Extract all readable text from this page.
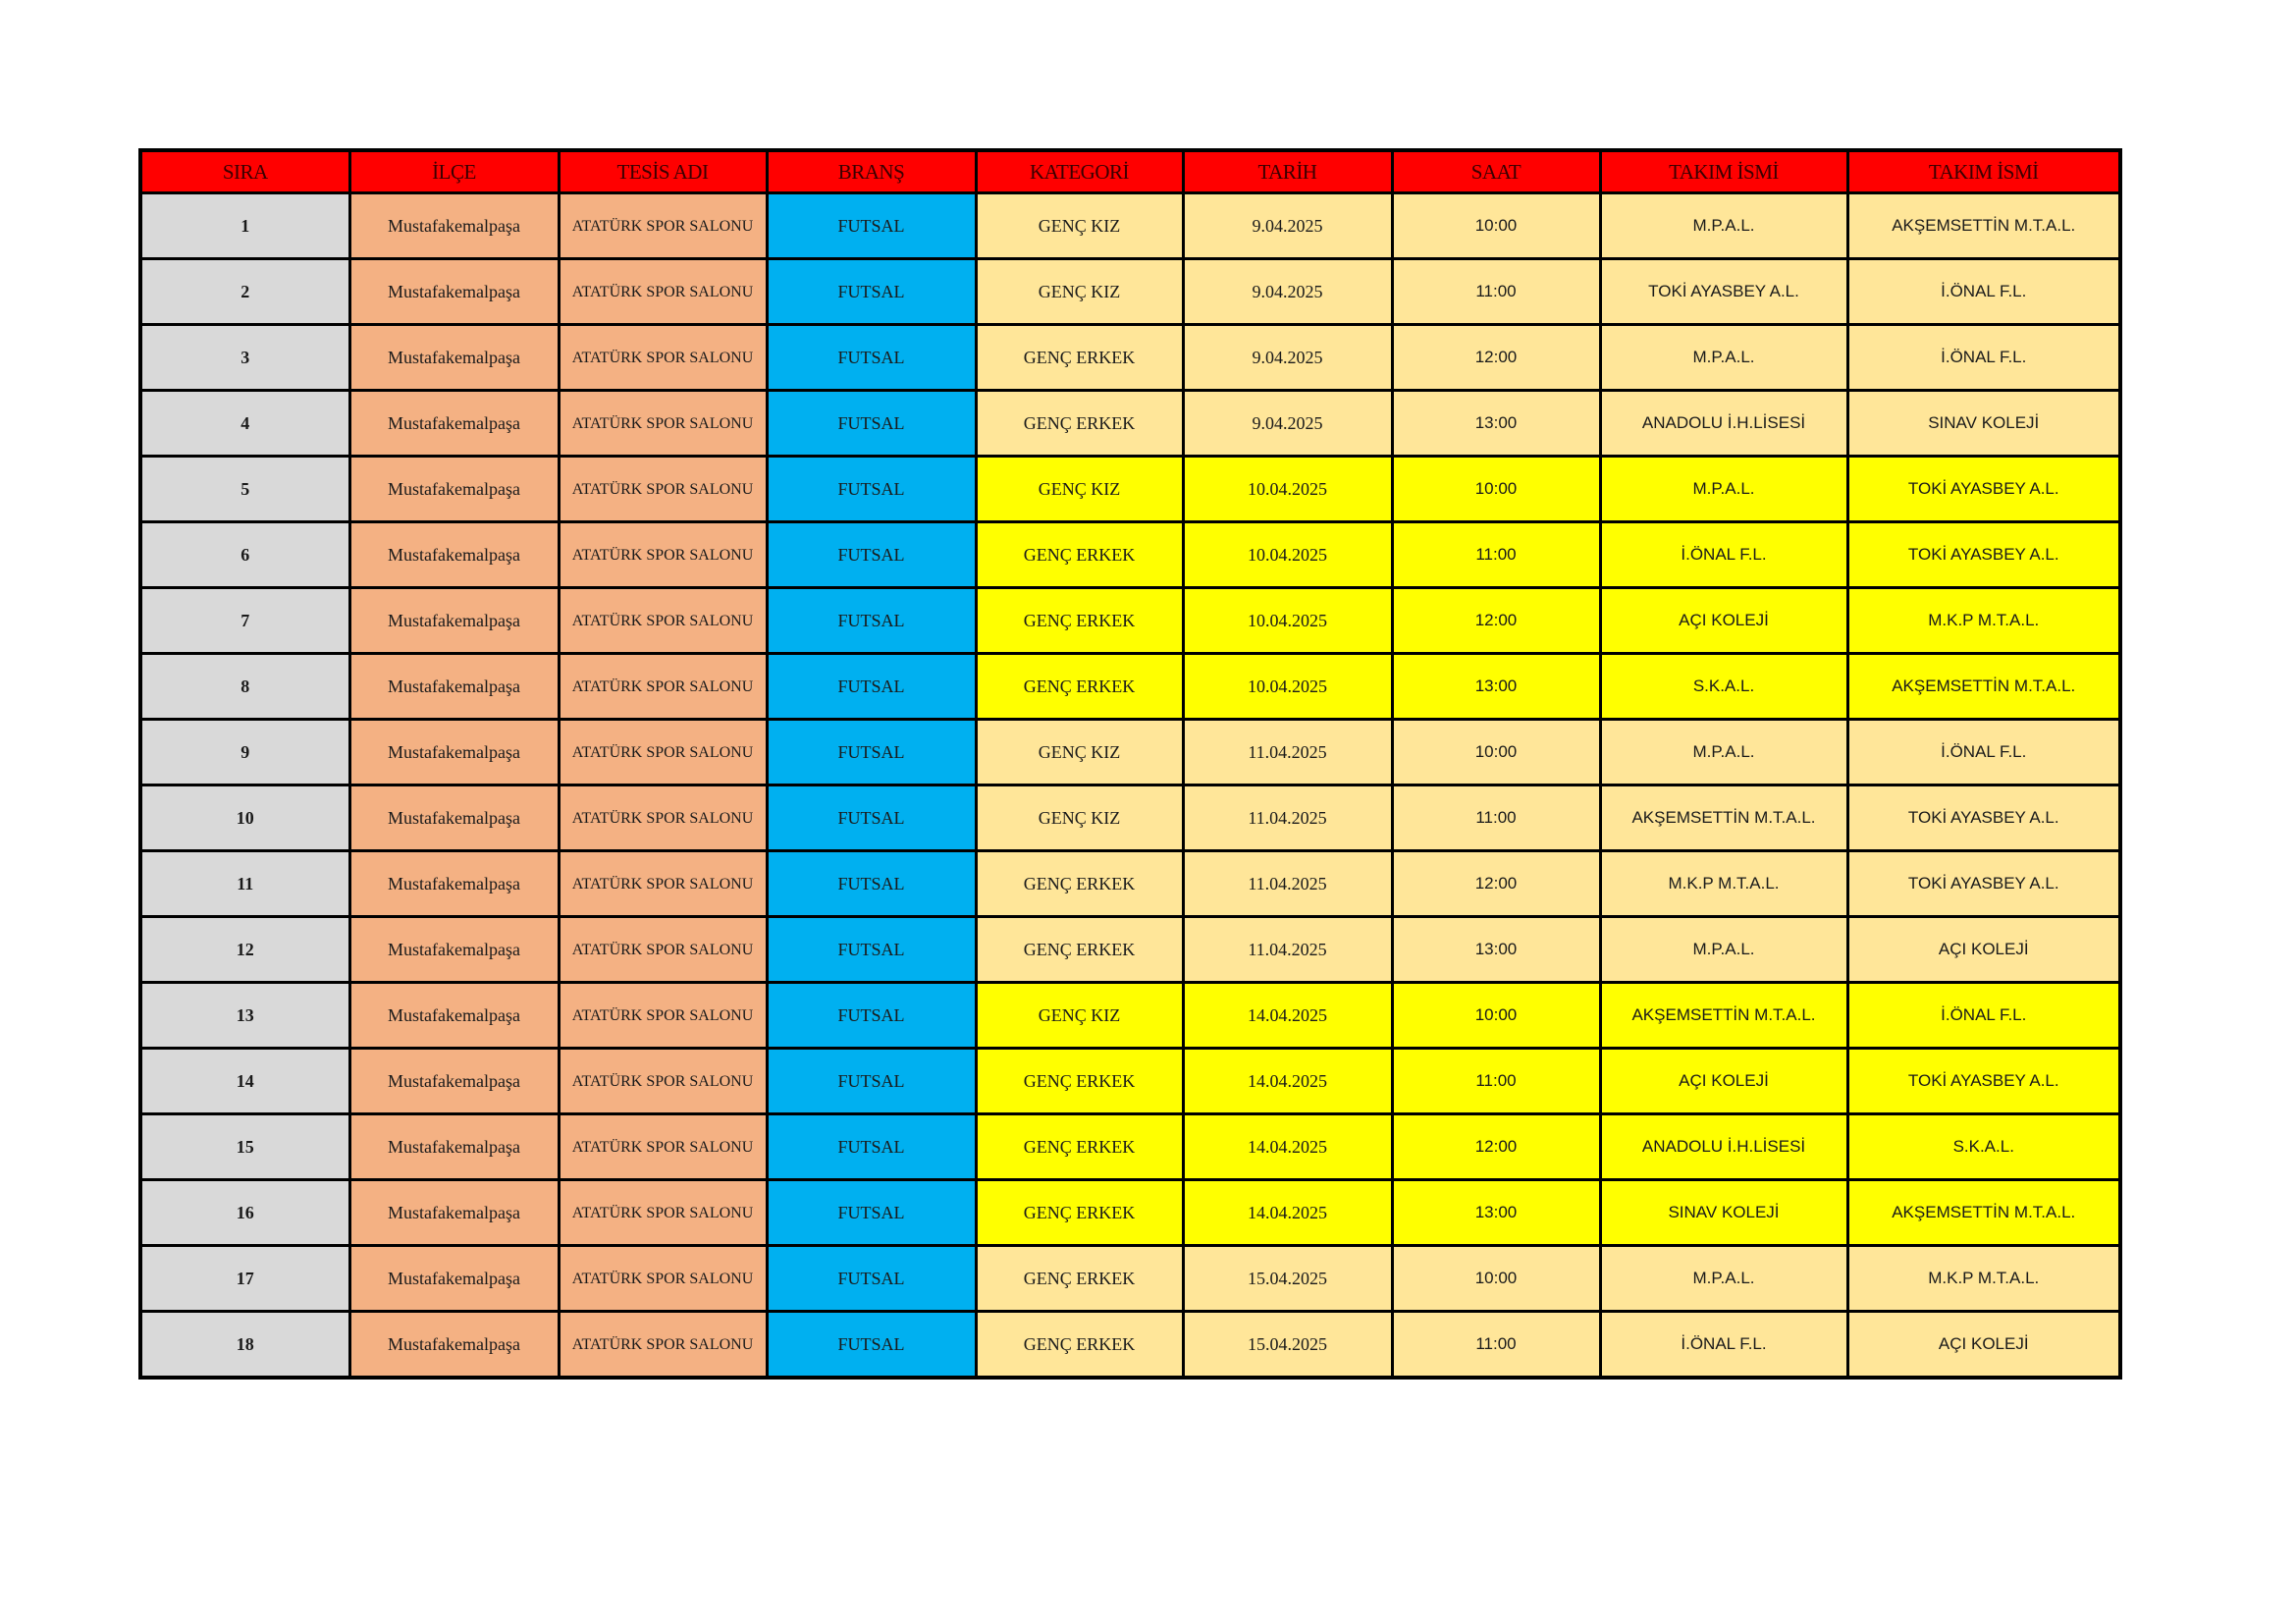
SIRA	İLÇE	TESİS ADI	BRANŞ	KATEGORİ	TARİH	SAAT	TAKIM İSMİ	TAKIM İSMİ
1	Mustafakemalpaşa	ATATÜRK SPOR SALONU	FUTSAL	GENÇ KIZ	9.04.2025	10:00	M.P.A.L.	AKŞEMSETTİN M.T.A.L.
2	Mustafakemalpaşa	ATATÜRK SPOR SALONU	FUTSAL	GENÇ KIZ	9.04.2025	11:00	TOKİ AYASBEY A.L.	İ.ÖNAL F.L.
3	Mustafakemalpaşa	ATATÜRK SPOR SALONU	FUTSAL	GENÇ ERKEK	9.04.2025	12:00	M.P.A.L.	İ.ÖNAL F.L.
4	Mustafakemalpaşa	ATATÜRK SPOR SALONU	FUTSAL	GENÇ ERKEK	9.04.2025	13:00	ANADOLU İ.H.LİSESİ	SINAV KOLEJİ
5	Mustafakemalpaşa	ATATÜRK SPOR SALONU	FUTSAL	GENÇ KIZ	10.04.2025	10:00	M.P.A.L.	TOKİ AYASBEY A.L.
6	Mustafakemalpaşa	ATATÜRK SPOR SALONU	FUTSAL	GENÇ ERKEK	10.04.2025	11:00	İ.ÖNAL F.L.	TOKİ AYASBEY A.L.
7	Mustafakemalpaşa	ATATÜRK SPOR SALONU	FUTSAL	GENÇ ERKEK	10.04.2025	12:00	AÇI KOLEJİ	M.K.P M.T.A.L.
8	Mustafakemalpaşa	ATATÜRK SPOR SALONU	FUTSAL	GENÇ ERKEK	10.04.2025	13:00	S.K.A.L.	AKŞEMSETTİN M.T.A.L.
9	Mustafakemalpaşa	ATATÜRK SPOR SALONU	FUTSAL	GENÇ KIZ	11.04.2025	10:00	M.P.A.L.	İ.ÖNAL F.L.
10	Mustafakemalpaşa	ATATÜRK SPOR SALONU	FUTSAL	GENÇ KIZ	11.04.2025	11:00	AKŞEMSETTİN M.T.A.L.	TOKİ AYASBEY A.L.
11	Mustafakemalpaşa	ATATÜRK SPOR SALONU	FUTSAL	GENÇ ERKEK	11.04.2025	12:00	M.K.P M.T.A.L.	TOKİ AYASBEY A.L.
12	Mustafakemalpaşa	ATATÜRK SPOR SALONU	FUTSAL	GENÇ ERKEK	11.04.2025	13:00	M.P.A.L.	AÇI KOLEJİ
13	Mustafakemalpaşa	ATATÜRK SPOR SALONU	FUTSAL	GENÇ KIZ	14.04.2025	10:00	AKŞEMSETTİN M.T.A.L.	İ.ÖNAL F.L.
14	Mustafakemalpaşa	ATATÜRK SPOR SALONU	FUTSAL	GENÇ ERKEK	14.04.2025	11:00	AÇI KOLEJİ	TOKİ AYASBEY A.L.
15	Mustafakemalpaşa	ATATÜRK SPOR SALONU	FUTSAL	GENÇ ERKEK	14.04.2025	12:00	ANADOLU İ.H.LİSESİ	S.K.A.L.
16	Mustafakemalpaşa	ATATÜRK SPOR SALONU	FUTSAL	GENÇ ERKEK	14.04.2025	13:00	SINAV KOLEJİ	AKŞEMSETTİN M.T.A.L.
17	Mustafakemalpaşa	ATATÜRK SPOR SALONU	FUTSAL	GENÇ ERKEK	15.04.2025	10:00	M.P.A.L.	M.K.P M.T.A.L.
18	Mustafakemalpaşa	ATATÜRK SPOR SALONU	FUTSAL	GENÇ ERKEK	15.04.2025	11:00	İ.ÖNAL F.L.	AÇI KOLEJİ
